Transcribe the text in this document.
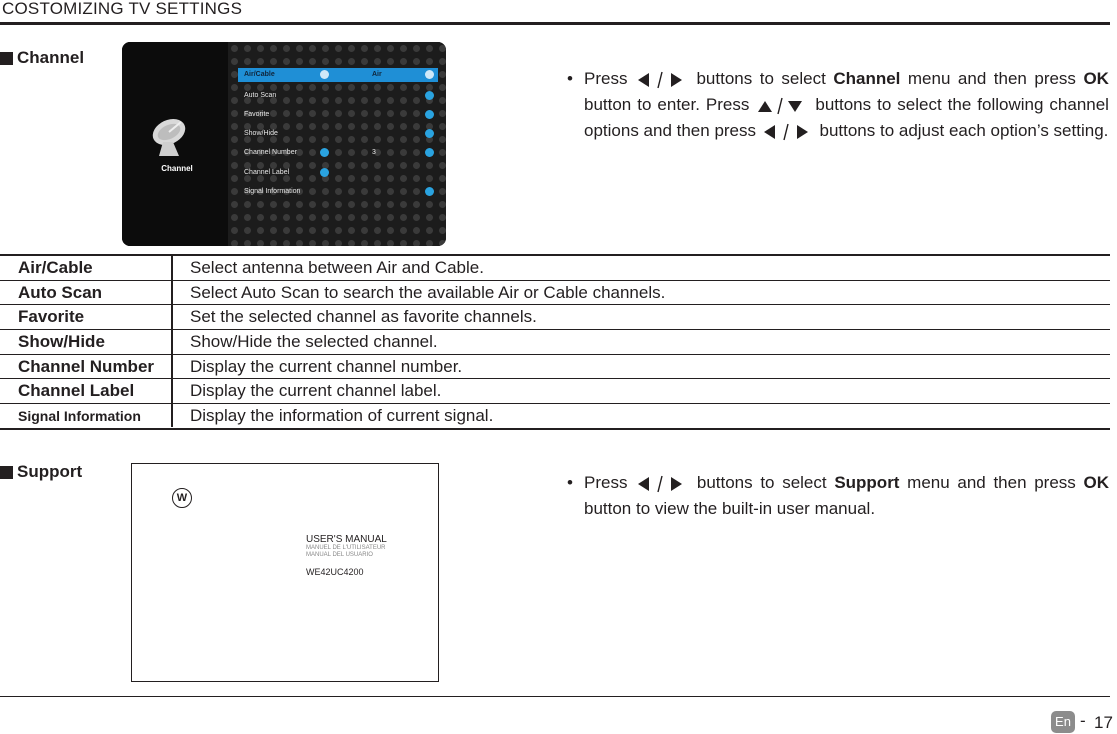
COSTOMIZING TV SETTINGS
Channel
Channel
Air/Cable	Air
Auto Scan
Favorite
Show/Hide
Channel Number	3
Channel Label
Signal Information
• Press	buttons to select Channel menu and then press OK button to enter. Press	buttons to select the following channel options and then press	buttons to adjust each option’s setting.
Air/Cable	Select antenna between Air and Cable.
Auto Scan	Select Auto Scan to search the available Air or Cable channels.
Favorite	Set the selected channel as favorite channels.
Show/Hide	Show/Hide the selected channel.
Channel Number Display the current channel number.
Channel Label	Display the current channel label.
Signal Information	Display the information of current signal.
Support
W
USER'S MANUAL
MANUEL DE L'UTILISATEUR
MANUAL DEL USUARIO
WE42UC4200
• Press	buttons to select Support menu and then press OK button to view the built-in user manual.
En - 17
